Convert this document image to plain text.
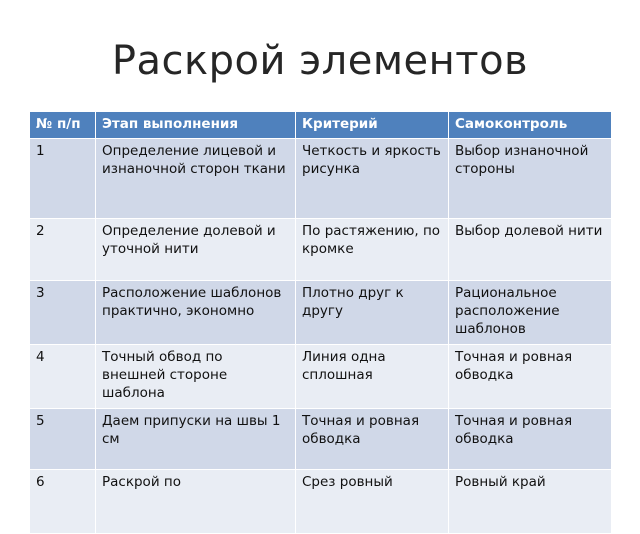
Раскрой элементов
№ п/п	Этап выполнения	Критерий	Самоконтроль
1	Определение лицевой и изнаночной сторон ткани	Четкость и яркость рисунка	Выбор изнаночной стороны
2	Определение долевой и уточной нити	По растяжению, по кромке	Выбор долевой нити
3	Расположение шаблонов практично, экономно	Плотно друг к другу	Рациональное расположение шаблонов
4	Точный обвод по внешней стороне шаблона	Линия одна сплошная	Точная и ровная обводка
5	Даем припуски на швы 1 см	Точная и ровная обводка	Точная и ровная обводка
6	Раскрой по	Срез ровный	Ровный край
